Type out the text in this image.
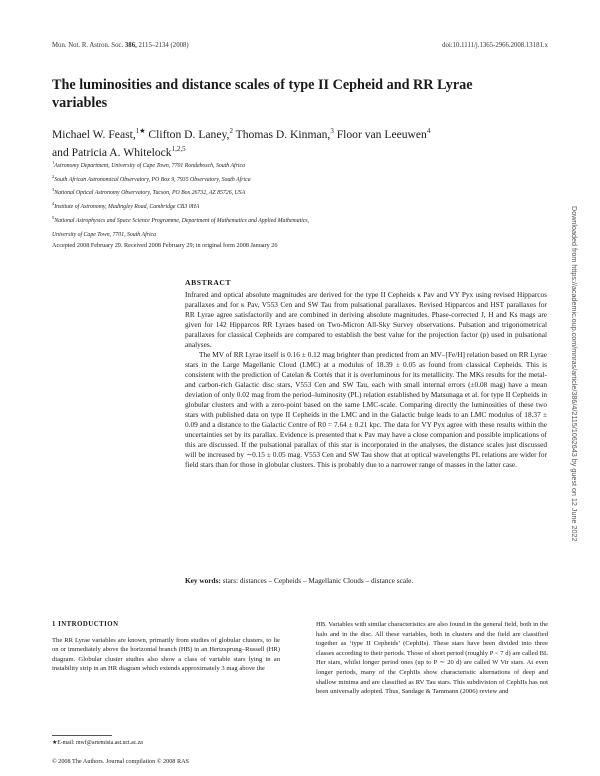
Mon. Not. R. Astron. Soc. 386, 2115–2134 (2008)	doi:10.1111/j.1365-2966.2008.13181.x
The luminosities and distance scales of type II Cepheid and RR Lyrae variables
Michael W. Feast,$^{1★}$ Clifton D. Laney,$^2$ Thomas D. Kinman,$^3$ Floor van Leeuwen$^4$
and Patricia A. Whitelock$^{1,2,5}$
$^1$Astronomy Department, University of Cape Town, 7701 Rondebosch, South Africa
$^2$South African Astronomical Observatory, PO Box 9, 7935 Observatory, South Africa
$^3$National Optical Astronomy Observatory, Tucson, PO Box 26732, AZ 85726, USA
$^4$Institute of Astronomy, Madingley Road, Cambridge CB3 0HA
$^5$National Astrophysics and Space Science Programme, Department of Mathematics and Applied Mathematics,
University of Cape Town, 7701, South Africa
Accepted 2008 February 29. Received 2008 February 29; in original form 2008 January 26
ABSTRACT

Infrared and optical absolute magnitudes are derived for the type II Cepheids κ Pav and VY Pyx using revised Hipparcos parallaxes and for κ Pav, V553 Cen and SW Tau from pulsational parallaxes. Revised Hipparcos and HST parallaxes for RR Lyrae agree satisfactorily and are combined in deriving absolute magnitudes. Phase-corrected J, H and Ks mags are given for 142 Hipparcos RR Lyraes based on Two-Micron All-Sky Survey observations. Pulsation and trigonometrical parallaxes for classical Cepheids are compared to establish the best value for the projection factor (p) used in pulsational analyses.

The MV of RR Lyrae itself is 0.16 ± 0.12 mag brighter than predicted from an MV–[Fe/H] relation based on RR Lyrae stars in the Large Magellanic Cloud (LMC) at a modulus of 18.39 ± 0.05 as found from classical Cepheids. This is consistent with the prediction of Catelan & Cortés that it is overluminous for its metallicity. The MKs results for the metal- and carbon-rich Galactic disc stars, V553 Cen and SW Tau, each with small internal errors (±0.08 mag) have a mean deviation of only 0.02 mag from the period–luminosity (PL) relation established by Matsunaga et al. for type II Cepheids in globular clusters and with a zero-point based on the same LMC-scale. Comparing directly the luminosities of these two stars with published data on type II Cepheids in the LMC and in the Galactic bulge leads to an LMC modulus of 18.37 ± 0.09 and a distance to the Galactic Centre of R0 = 7.64 ± 0.21 kpc. The data for VY Pyx agree with these results within the uncertainties set by its parallax. Evidence is presented that κ Pav may have a close companion and possible implications of this are discussed. If the pulsational parallax of this star is incorporated in the analyses, the distance scales just discussed will be increased by ∼0.15 ± 0.05 mag. V553 Cen and SW Tau show that at optical wavelengths PL relations are wider for field stars than for those in globular clusters. This is probably due to a narrower range of masses in the latter case.

Key words: stars: distances – Cepheids – Magellanic Clouds – distance scale.
1 INTRODUCTION

The RR Lyrae variables are known, primarily from studies of globular clusters, to lie on or immediately above the horizontal branch (HB) in an Hertzsprung–Russell (HR) diagram. Globular cluster studies also show a class of variable stars lying in an instability strip in an HR diagram which extends approximately 3 mag above the

HB. Variables with similar characteristics are also found in the general field, both in the halo and in the disc. All these variables, both in clusters and the field are classified together as ‘type II Cepheids’ (CephIIs). These stars have been divided into three classes according to their periods. Those of short period (roughly P < 7 d) are called BL Her stars, whilst longer period ones (up to P ∼ 20 d) are called W Vir stars. At even longer periods, many of the CephIIs show characteristic alternations of deep and shallow minima and are classified as RV Tau stars. This subdivision of CephIIs has not been universally adopted. Thus, Sandage & Tammann (2006) review and

★E-mail: mwf@artemisia.ast.uct.ac.za
© 2008 The Authors. Journal compilation © 2008 RAS
Downloaded from https://academic.oup.com/mnras/article/386/4/2115/1062643 by guest on 12 June 2022
